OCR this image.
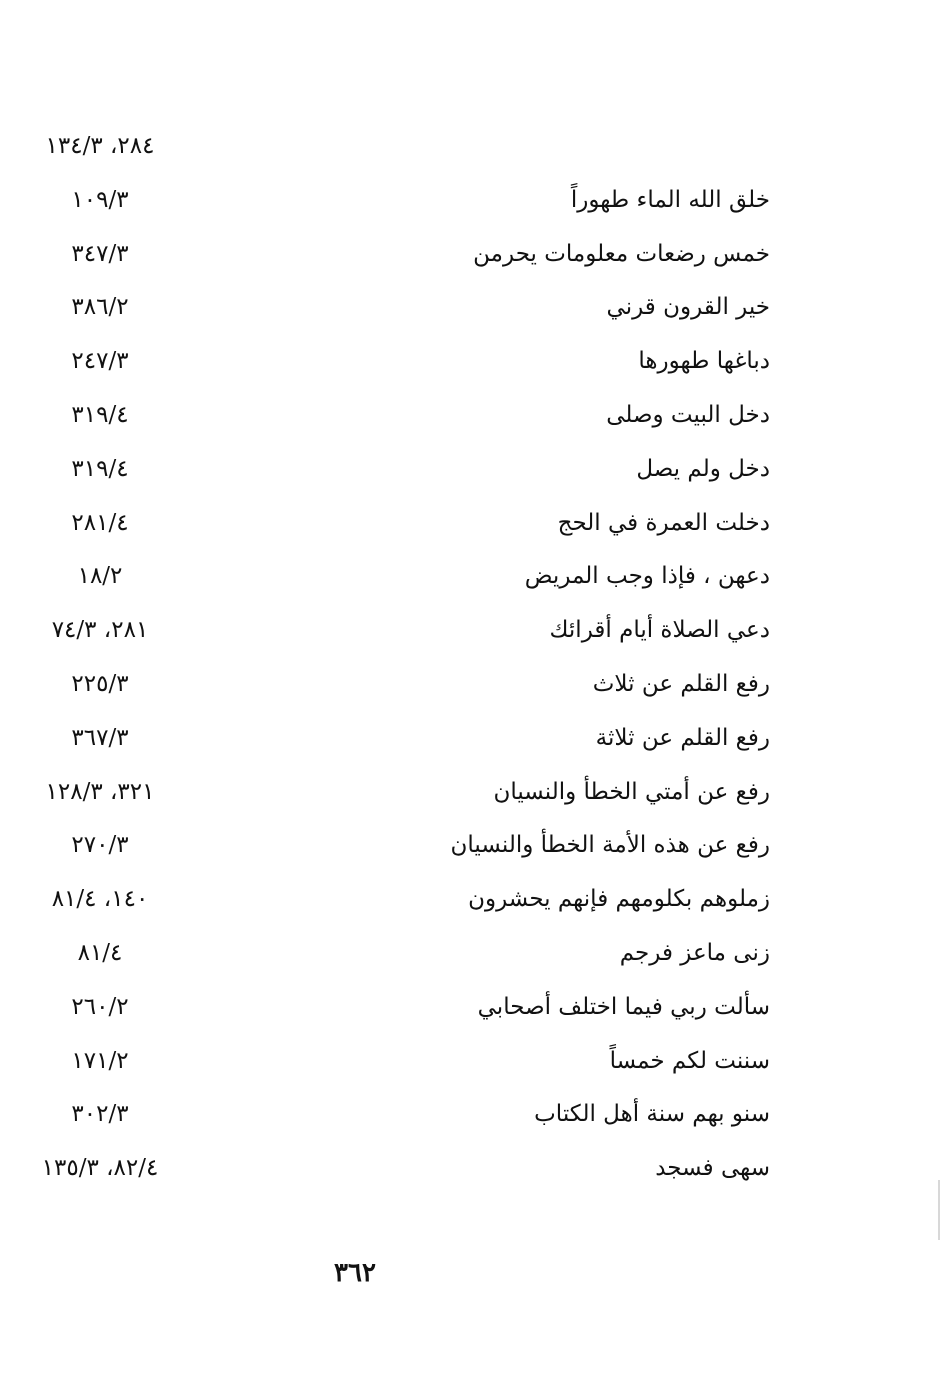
٢٨٤، ١٣٤/٣
خلق الله الماء طهوراً
١٠٩/٣
خمس رضعات معلومات يحرمن
٣٤٧/٣
خير القرون قرني
٣٨٦/٢
دباغها طهورها
٢٤٧/٣
دخل البيت وصلى
٣١٩/٤
دخل ولم يصل
٣١٩/٤
دخلت العمرة في الحج
٢٨١/٤
دعهن ، فإذا وجب المريض
١٨/٢
دعي الصلاة أيام أقرائك
٢٨١، ٧٤/٣
رفع القلم عن ثلاث
٢٢٥/٣
رفع القلم عن ثلاثة
٣٦٧/٣
رفع عن أمتي الخطأ والنسيان
٣٢١، ١٢٨/٣
رفع عن هذه الأمة الخطأ والنسيان
٢٧٠/٣
زملوهم بكلومهم فإنهم يحشرون
١٤٠، ٨١/٤
زنى ماعز فرجم
٨١/٤
سألت ربي فيما اختلف أصحابي
٢٦٠/٢
سننت لكم خمساً
١٧١/٢
سنو بهم سنة أهل الكتاب
٣٠٢/٣
سهى فسجد
٨٢/٤، ١٣٥/٣
٣٦٢
